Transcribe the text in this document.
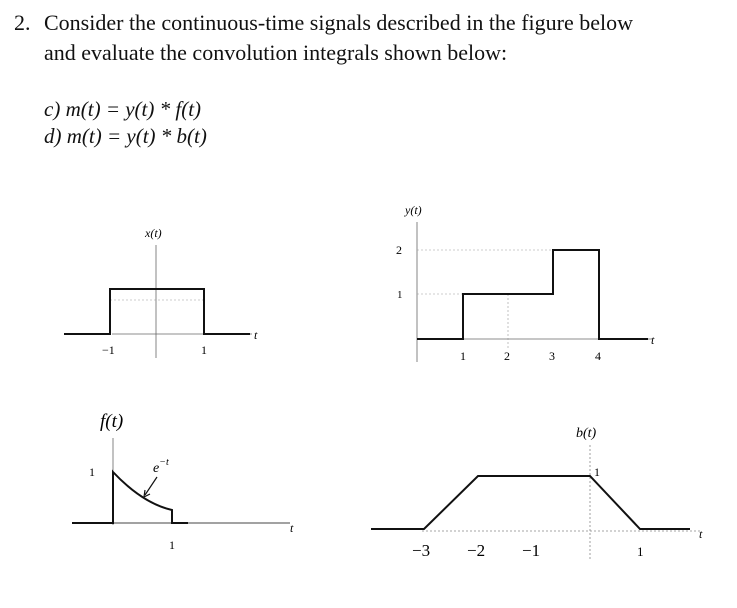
2. Consider the continuous-time signals described in the figure below
and evaluate the convolution integrals shown below:
c) m(t) = y(t) * f(t)
d) m(t) = y(t) * b(t)
x(t)
t
−1	1
y(t)
t
2
1
1	2	3	4
f(t)
t
1
1
$e^{-t}$
b(t)
t
1
−3 −2 −1	1
